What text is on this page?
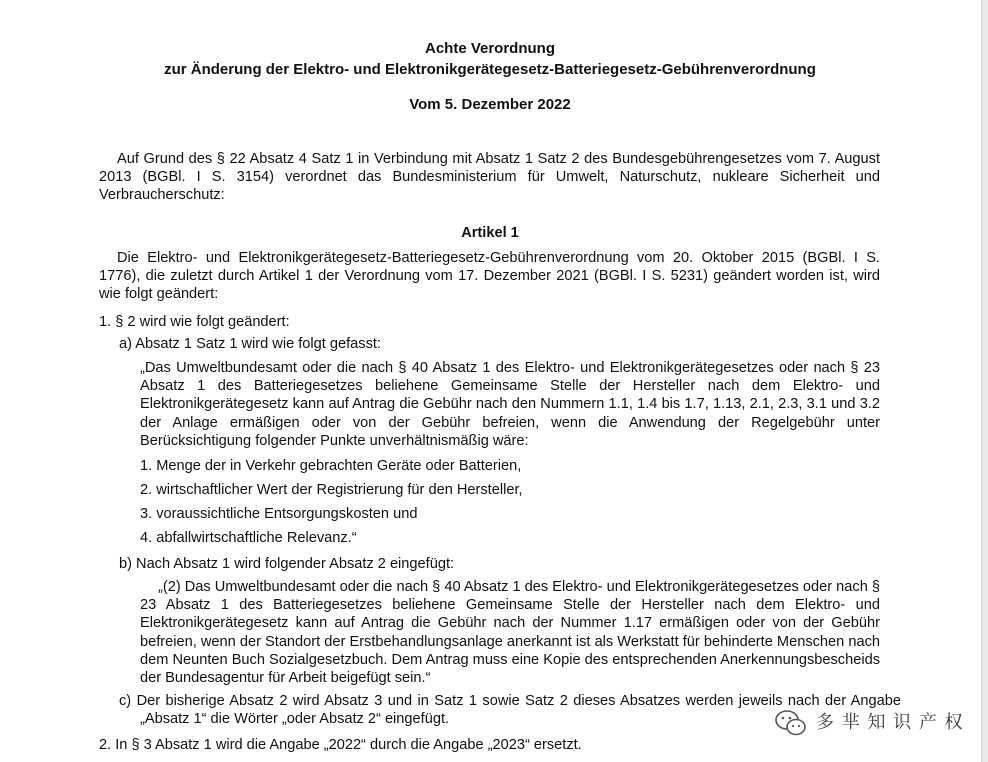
Achte Verordnung
zur Änderung der Elektro- und Elektronikgerätegesetz-Batteriegesetz-Gebührenverordnung
Vom 5. Dezember 2022

Auf Grund des § 22 Absatz 4 Satz 1 in Verbindung mit Absatz 1 Satz 2 des Bundesgebührengesetzes vom 7. August 2013 (BGBl. I S. 3154) verordnet das Bundesministerium für Umwelt, Naturschutz, nukleare Sicherheit und Verbraucherschutz:

Artikel 1

Die Elektro- und Elektronikgerätegesetz-Batteriegesetz-Gebührenverordnung vom 20. Oktober 2015 (BGBl. I S. 1776), die zuletzt durch Artikel 1 der Verordnung vom 17. Dezember 2021 (BGBl. I S. 5231) geändert worden ist, wird wie folgt geändert:

1. § 2 wird wie folgt geändert:
a) Absatz 1 Satz 1 wird wie folgt gefasst:

„Das Umweltbundesamt oder die nach § 40 Absatz 1 des Elektro- und Elektronikgerätegesetzes oder nach § 23 Absatz 1 des Batteriegesetzes beliehene Gemeinsame Stelle der Hersteller nach dem Elektro- und Elektronikgerätegesetz kann auf Antrag die Gebühr nach den Nummern 1.1, 1.4 bis 1.7, 1.13, 2.1, 2.3, 3.1 und 3.2 der Anlage ermäßigen oder von der Gebühr befreien, wenn die Anwendung der Regelgebühr unter Berücksichtigung folgender Punkte unverhältnismäßig wäre:

1. Menge der in Verkehr gebrachten Geräte oder Batterien,
2. wirtschaftlicher Wert der Registrierung für den Hersteller,
3. voraussichtliche Entsorgungskosten und
4. abfallwirtschaftliche Relevanz.“
b) Nach Absatz 1 wird folgender Absatz 2 eingefügt:

„(2) Das Umweltbundesamt oder die nach § 40 Absatz 1 des Elektro- und Elektronikgerätegesetzes oder nach § 23 Absatz 1 des Batteriegesetzes beliehene Gemeinsame Stelle der Hersteller nach dem Elektro- und Elektronikgerätegesetz kann auf Antrag die Gebühr nach der Nummer 1.17 ermäßigen oder von der Gebühr befreien, wenn der Standort der Erstbehandlungsanlage anerkannt ist als Werkstatt für behinderte Menschen nach dem Neunten Buch Sozialgesetzbuch. Dem Antrag muss eine Kopie des entsprechenden Anerkennungsbescheids der Bundesagentur für Arbeit beigefügt sein.“

c) Der bisherige Absatz 2 wird Absatz 3 und in Satz 1 sowie Satz 2 dieses Absatzes werden jeweils nach der Angabe „Absatz 1“ die Wörter „oder Absatz 2“ eingefügt.

2. In § 3 Absatz 1 wird die Angabe „2022“ durch die Angabe „2023“ ersetzt.
多 芈 知 识 产 权
